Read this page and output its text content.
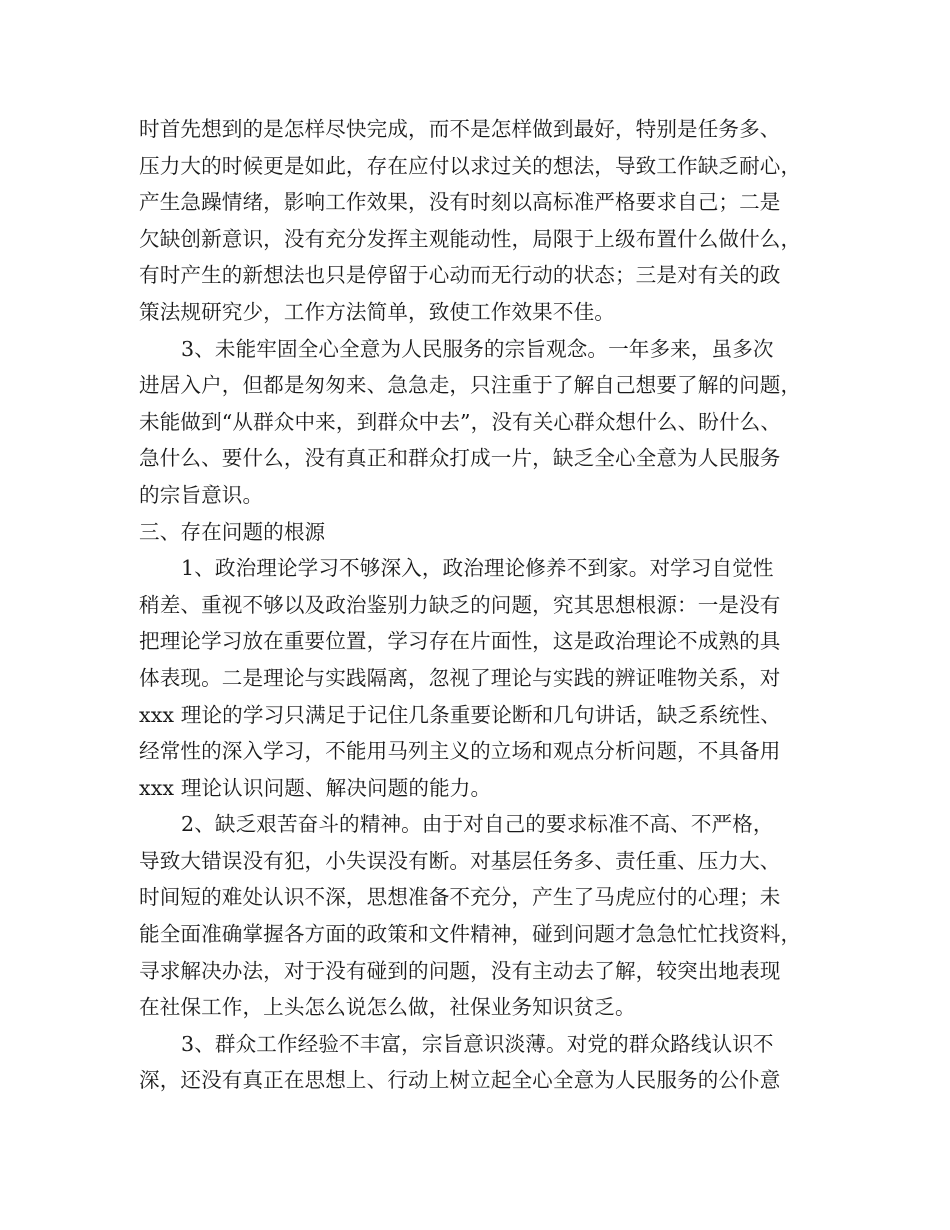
时首先想到的是怎样尽快完成，而不是怎样做到最好，特别是任务多、
压力大的时候更是如此，存在应付以求过关的想法，导致工作缺乏耐心，
产生急躁情绪，影响工作效果，没有时刻以高标准严格要求自己；二是
欠缺创新意识，没有充分发挥主观能动性，局限于上级布置什么做什么，
有时产生的新想法也只是停留于心动而无行动的状态；三是对有关的政
策法规研究少，工作方法简单，致使工作效果不佳。
3、未能牢固全心全意为人民服务的宗旨观念。一年多来，虽多次
进居入户，但都是匆匆来、急急走，只注重于了解自己想要了解的问题，
未能做到“从群众中来，到群众中去”，没有关心群众想什么、盼什么、
急什么、要什么，没有真正和群众打成一片，缺乏全心全意为人民服务
的宗旨意识。
三、存在问题的根源
1、政治理论学习不够深入，政治理论修养不到家。对学习自觉性
稍差、重视不够以及政治鉴别力缺乏的问题，究其思想根源：一是没有
把理论学习放在重要位置，学习存在片面性，这是政治理论不成熟的具
体表现。二是理论与实践隔离，忽视了理论与实践的辨证唯物关系，对
xxx 理论的学习只满足于记住几条重要论断和几句讲话，缺乏系统性、
经常性的深入学习，不能用马列主义的立场和观点分析问题，不具备用
xxx 理论认识问题、解决问题的能力。
2、缺乏艰苦奋斗的精神。由于对自己的要求标准不高、不严格，
导致大错误没有犯，小失误没有断。对基层任务多、责任重、压力大、
时间短的难处认识不深，思想准备不充分，产生了马虎应付的心理；未
能全面准确掌握各方面的政策和文件精神，碰到问题才急急忙忙找资料，
寻求解决办法，对于没有碰到的问题，没有主动去了解，较突出地表现
在社保工作，上头怎么说怎么做，社保业务知识贫乏。
3、群众工作经验不丰富，宗旨意识淡薄。对党的群众路线认识不
深，还没有真正在思想上、行动上树立起全心全意为人民服务的公仆意
